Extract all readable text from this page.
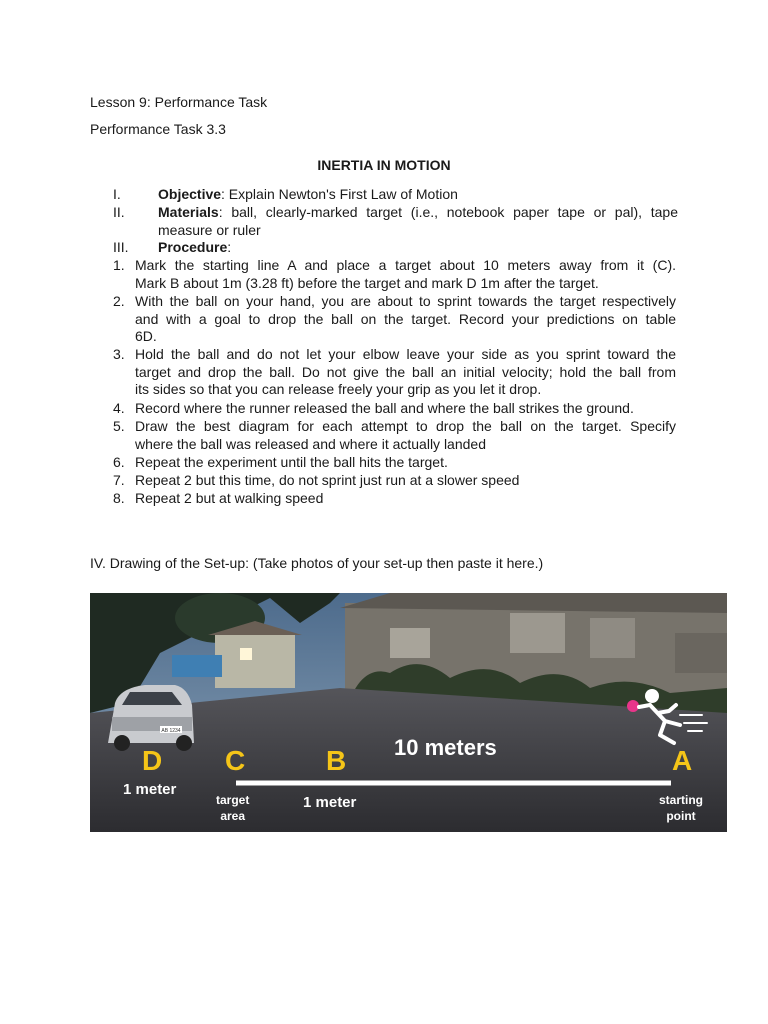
Lesson 9: Performance Task
Performance Task 3.3
INERTIA IN MOTION
I.	Objective: Explain Newton's First Law of Motion
II. Materials: ball, clearly-marked target (i.e., notebook paper tape or pal), tape
measure or ruler
III. Procedure:
1. Mark the starting line A and place a target about 10 meters away from it (C).
Mark B about 1m (3.28 ft) before the target and mark D 1m after the target.
2. With the ball on your hand, you are about to sprint towards the target respectively
and with a goal to drop the ball on the target. Record your predictions on table
6D.
3. Hold the ball and do not let your elbow leave your side as you sprint toward the
target and drop the ball. Do not give the ball an initial velocity; hold the ball from
its sides so that you can release freely your grip as you let it drop.
4. Record where the runner released the ball and where the ball strikes the ground.
5. Draw the best diagram for each attempt to drop the ball on the target. Specify
where the ball was released and where it actually landed
6. Repeat the experiment until the ball hits the target.
7. Repeat 2 but this time, do not sprint just run at a slower speed
8. Repeat 2 but at walking speed
IV. Drawing of the Set-up: (Take photos of your set-up then paste it here.)
AB 1234
D C	B	A
10 meters
1 meter
target
area
1 meter	starting
point
